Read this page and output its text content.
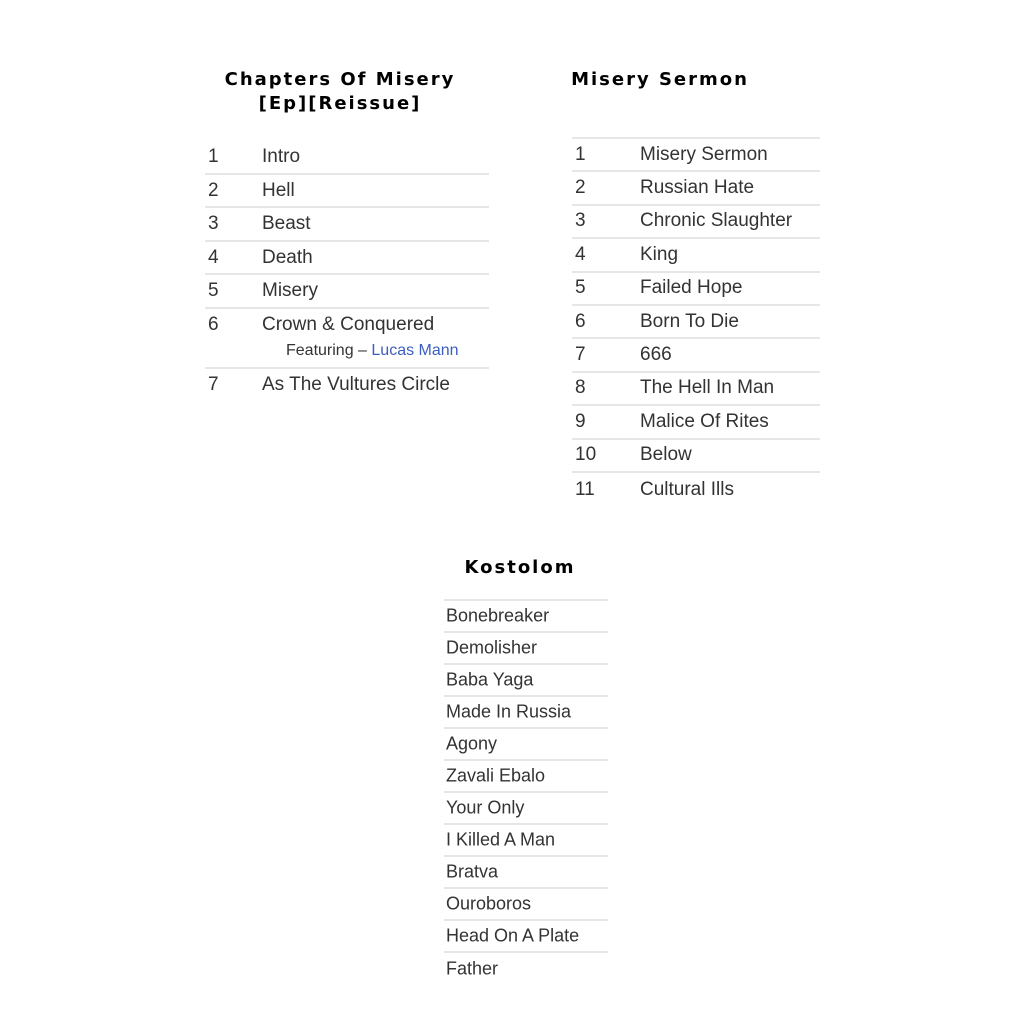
Chapters Of Misery
[Ep][Reissue]
1 Intro
2 Hell
3 Beast
4 Death
5 Misery
6 Crown & Conquered
Featuring – Lucas Mann
7 As The Vultures Circle
Misery Sermon
1	Misery Sermon
2	Russian Hate
3	Chronic Slaughter
4	King
5	Failed Hope
6	Born To Die
7	666
8	The Hell In Man
9	Malice Of Rites
10 Below
11 Cultural Ills
Kostolom
Bonebreaker
Demolisher
Baba Yaga
Made In Russia
Agony
Zavali Ebalo
Your Only
I Killed A Man
Bratva
Ouroboros
Head On A Plate
Father
